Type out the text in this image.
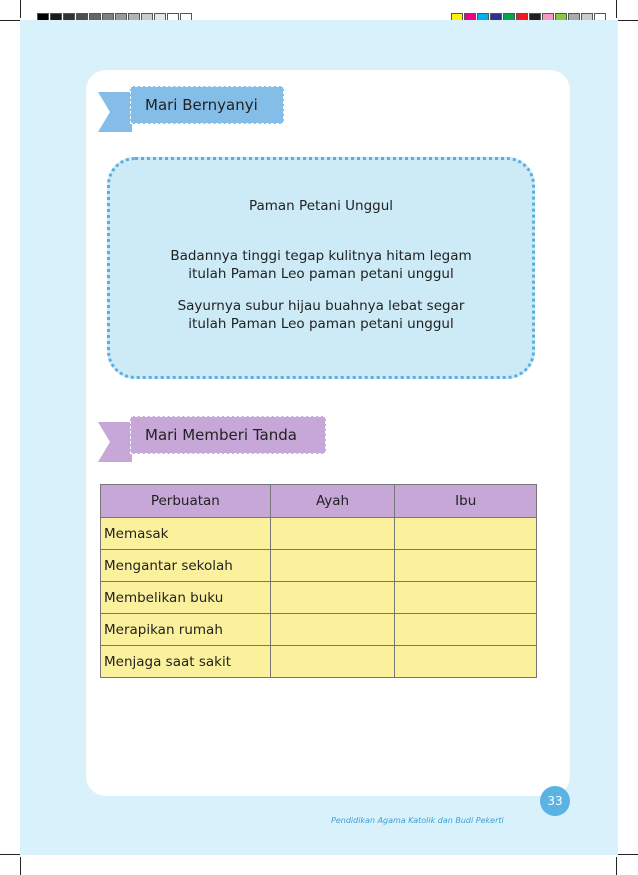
Mari Bernyanyi
Paman Petani Unggul
Badannya tinggi tegap kulitnya hitam legam
itulah Paman Leo paman petani unggul
Sayurnya subur hijau buahnya lebat segar
itulah Paman Leo paman petani unggul
Mari Memberi Tanda
Perbuatan	Ayah	Ibu
Memasak		
Mengantar sekolah		
Membelikan buku		
Merapikan rumah		
Menjaga saat sakit		
Pendidikan Agama Katolik dan Budi Pekerti
33
